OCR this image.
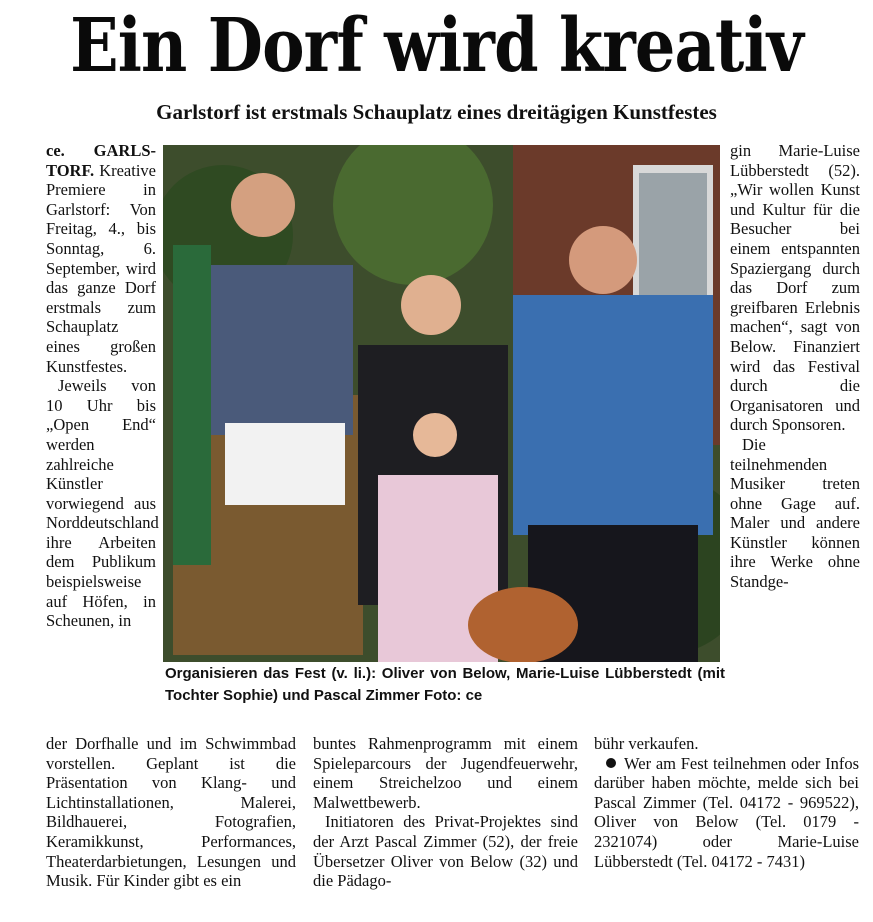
Ein Dorf wird kreativ
Garlstorf ist erstmals Schauplatz eines dreitägigen Kunstfestes

ce. GARLS-TORF. Kreative Premiere in Garlstorf: Von Freitag, 4., bis Sonntag, 6. September, wird das ganze Dorf erstmals zum Schauplatz eines großen Kunstfestes.

Jeweils von 10 Uhr bis „Open End“ werden zahlreiche Künstler vorwiegend aus Norddeutschland ihre Arbeiten dem Publikum beispielsweise auf Höfen, in Scheunen, in

Organisieren das Fest (v. li.): Oliver von Below, Marie-Luise Lübberstedt (mit Tochter Sophie) und Pascal Zimmer Foto: ce

gin Marie-Luise Lübberstedt (52). „Wir wollen Kunst und Kultur für die Besucher bei einem entspannten Spaziergang durch das Dorf zum greifbaren Erlebnis machen“, sagt von Below. Finanziert wird das Festival durch die Organisatoren und durch Sponsoren.

Die teilnehmenden Musiker treten ohne Gage auf. Maler und andere Künstler können ihre Werke ohne Standge-

der Dorfhalle und im Schwimmbad vorstellen. Geplant ist die Präsentation von Klang- und Lichtinstallationen, Malerei, Bildhauerei, Fotografien, Keramikkunst, Performances, Theaterdarbietungen, Lesungen und Musik. Für Kinder gibt es ein

buntes Rahmenprogramm mit einem Spieleparcours der Jugendfeuerwehr, einem Streichelzoo und einem Malwettbewerb.

Initiatoren des Privat-Projektes sind der Arzt Pascal Zimmer (52), der freie Übersetzer Oliver von Below (32) und die Pädago-

bühr verkaufen.

Wer am Fest teilnehmen oder Infos darüber haben möchte, melde sich bei Pascal Zimmer (Tel. 04172 - 969522), Oliver von Below (Tel. 0179 - 2321074) oder Marie-Luise Lübberstedt (Tel. 04172 - 7431)
